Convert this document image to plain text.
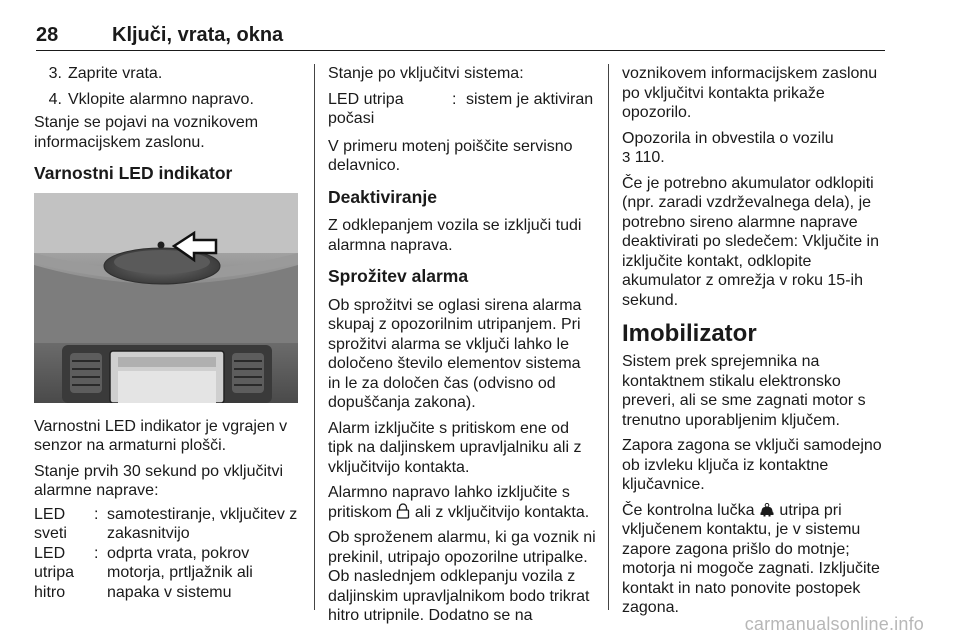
28	Ključi, vrata, okna
3. Zaprite vrata.
4. Vklopite alarmno napravo.

Stanje se pojavi na voznikovem informacijskem zaslonu.

Varnostni LED indikator

Varnostni LED indikator je vgrajen v senzor na armaturni plošči.

Stanje prvih 30 sekund po vključitvi alarmne naprave:

LED sveti
: samotestiranje, vključitev z zakasnitvijo
LED utripa hitro
: odprta vrata, pokrov motorja, prtljažnik ali napaka v sistemu

Stanje po vključitvi sistema:

LED utripa počasi
: sistem je aktiviran

V primeru motenj poiščite servisno delavnico.

Deaktiviranje

Z odklepanjem vozila se izključi tudi alarmna naprava.

Sprožitev alarma

Ob sprožitvi se oglasi sirena alarma skupaj z opozorilnim utripanjem. Pri sprožitvi alarma se vključi lahko le določeno število elementov sistema in le za določen čas (odvisno od dopuščanja zakona).

Alarm izključite s pritiskom ene od tipk na daljinskem upravljalniku ali z vključitvijo kontakta.

Alarmno napravo lahko izključite s pritiskom ali z vključitvijo kontakta.

Ob sproženem alarmu, ki ga voznik ni prekinil, utripajo opozorilne utripalke. Ob naslednjem odklepanju vozila z daljinskim upravljalnikom bodo trikrat hitro utripnile. Dodatno se na

voznikovem informacijskem zaslonu po vključitvi kontakta prikaže opozorilo.

Opozorila in obvestila o vozilu
3 110.

Če je potrebno akumulator odklopiti (npr. zaradi vzdrževalnega dela), je potrebno sireno alarmne naprave deaktivirati po sledečem: Vključite in izključite kontakt, odklopite akumulator z omrežja v roku 15-ih sekund.

Imobilizator

Sistem prek sprejemnika na kontaktnem stikalu elektronsko preveri, ali se sme zagnati motor s trenutno uporabljenim ključem.

Zapora zagona se vključi samodejno ob izvleku ključa iz kontaktne ključavnice.

Če kontrolna lučka utripa pri vključenem kontaktu, je v sistemu zapore zagona prišlo do motnje; motorja ni mogoče zagnati. Izključite kontakt in nato ponovite postopek zagona.

carmanualsonline.info
